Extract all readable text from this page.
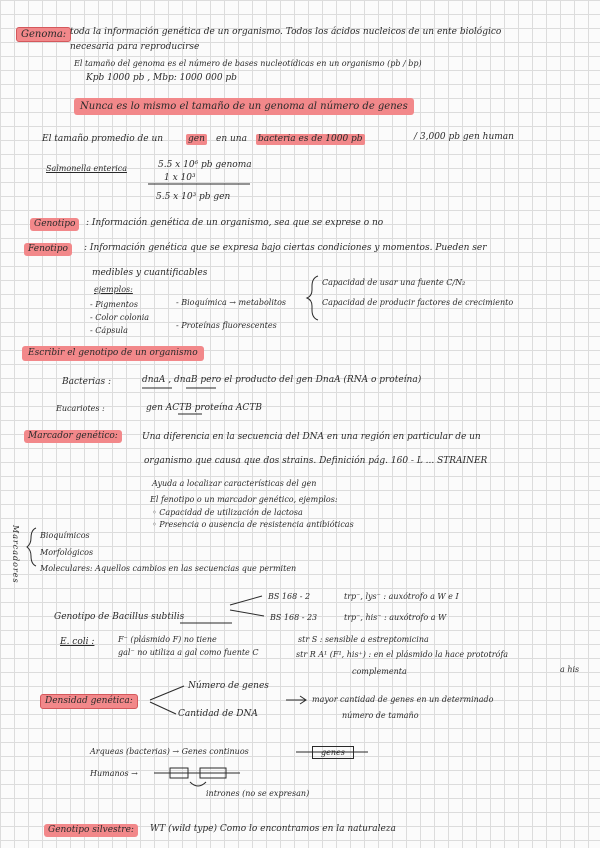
Genoma: toda la información genética de un organismo. Todos los ácidos nucleicos de un ente biológico
necesaria para reproducirse
El tamaño del genoma es el número de bases nucleotídicas en un organismo (pb / bp)
Kpb 1000 pb , Mbp: 1000 000 pb
Nunca es lo mismo el tamaño de un genoma al número de genes
El tamaño promedio de un	gen en una bacteria es de 1000 pb	/ 3,000 pb gen human
Salmonella enterica	5.5 x 10⁶ pb genoma
1 x 10³
5.5 x 10³ pb gen
Genotipo	: Información genética de un organismo, sea que se exprese o no
Fenotipo	: Información genética que se expresa bajo ciertas condiciones y momentos. Pueden ser
medibles y cuantificables
ejemplos:
- Pigmentos
- Color colonia
- Cápsula
- Bioquímica → metabolitos
- Proteínas fluorescentes
Capacidad de usar una fuente C/N₂
Capacidad de producir factores de crecimiento
Escribir el genotipo de un organismo
Bacterias :	dnaA , dnaB pero el producto del gen DnaA (RNA o proteína)
Eucariotes :	gen ACTB proteína ACTB
Marcador genético:	Una diferencia en la secuencia del DNA en una región en particular de un
organismo que causa que dos strains. Definición pág. 160 - L ... STRAINER
Ayuda a localizar características del gen
El fenotipo o un marcador genético, ejemplos:
◦ Capacidad de utilización de lactosa
◦ Presencia o ausencia de resistencia antibióticas
Marcadores	Bioquímicos
Morfológicos
Moleculares: Aquellos cambios en las secuencias que permiten
BS 168 - 2	trp⁻, lys⁻ : auxótrofo a W e I
Genotipo de Bacillus subtilis	BS 168 - 23	trp⁻, his⁻ : auxótrofo a W
E. coli :	F⁻ (plásmido F) no tiene
gal⁻ no utiliza a gal como fuente C
str S : sensible a estreptomicina
str R A¹ (F¹, his⁺) : en el plásmido la hace prototrófa
a his
complementa
Densidad genética:
Número de genes
Cantidad de DNA
mayor cantidad de genes en un determinado
número de tamaño
Arqueas (bacterias) → Genes continuos	genes
Humanos →
intrones (no se expresan)
Genotipo silvestre:	WT (wild type) Como lo encontramos en la naturaleza
